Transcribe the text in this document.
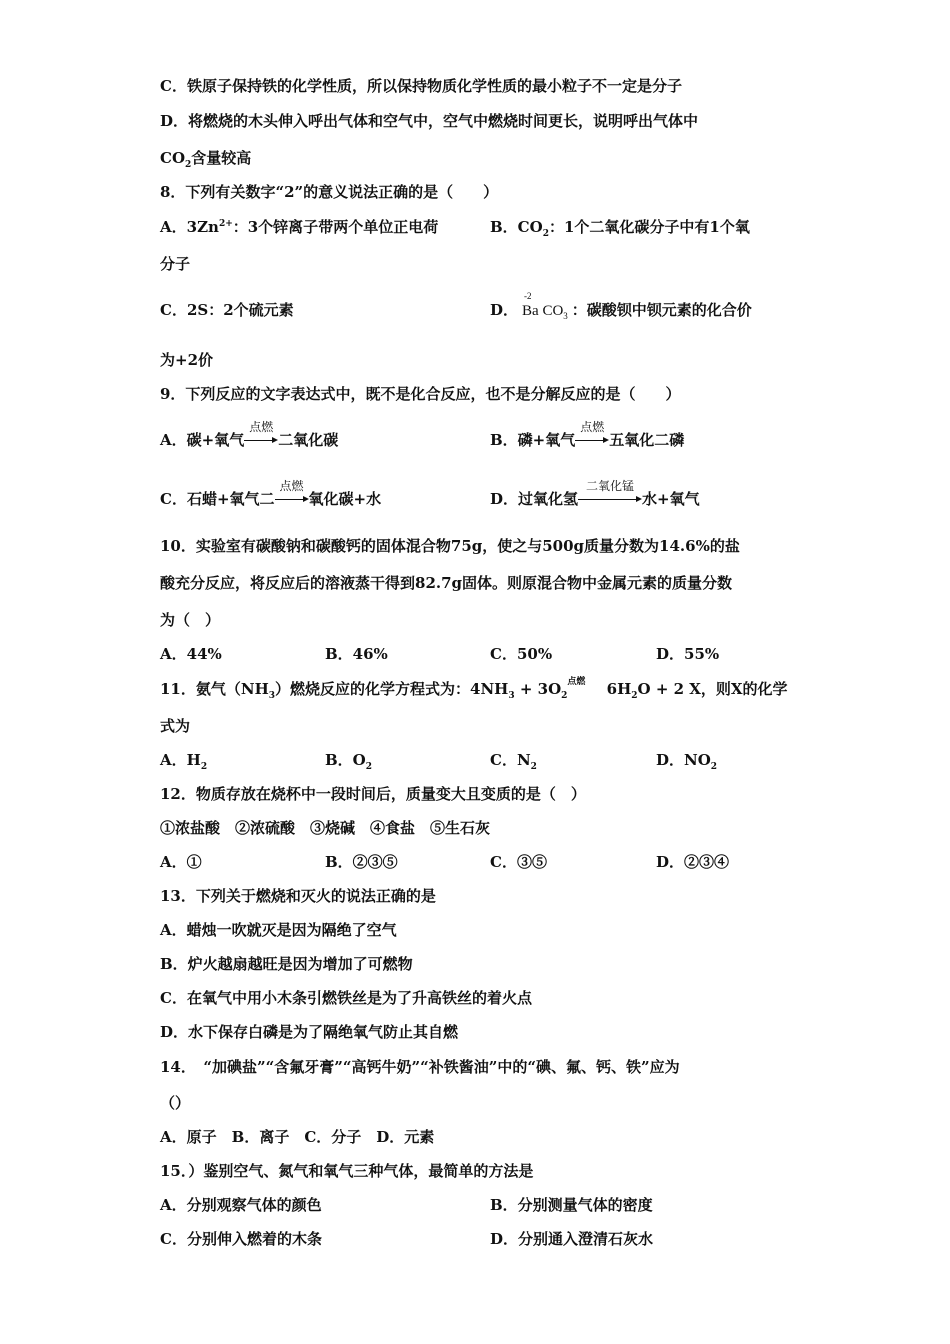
C．铁原子保持铁的化学性质，所以保持物质化学性质的最小粒子不一定是分子
D．将燃烧的木头伸入呼出气体和空气中，空气中燃烧时间更长，说明呼出气体中
$CO_2$含量较高
8．下列有关数字“2”的意义说法正确的是（　　）
A．$3Zn^{2+}$：3个锌离子带两个单位正电荷	B．$CO_2$：1个二氧化碳分子中有1个氧
分子
C．2S：2个硫元素	D．
-2
Ba $CO_3$ ：碳酸钡中钡元素的化合价
为+2价
9．下列反应的文字表达式中，既不是化合反应，也不是分解反应的是（　　）
A．碳+氧气
点燃
二氧化碳	B．磷+氧气
点燃
五氧化二磷
C．石蜡+氧气二
点燃
氧化碳+水	D．过氧化氢
二氧化锰
水+氧气
10．实验室有碳酸钠和碳酸钙的固体混合物75g，使之与500g质量分数为14.6%的盐
酸充分反应，将反应后的溶液蒸干得到82.7g固体。则原混合物中金属元素的质量分数
为（　）
A．44%	B．46%	C．50%	D．55%
11．氨气$(NH_3)$燃烧反应的化学方程式为：$4NH_3 + 3O_2$
点燃
   $6H_2O + 2$ X，则X的化学
式为
A．$H_2$	B．$O_2$	C．$N_2$	D．$NO_2$
12．物质存放在烧杯中一段时间后，质量变大且变质的是（　）
①浓盐酸　②浓硫酸　③烧碱　④食盐　⑤生石灰
A．①	B．②③⑤	C．③⑤	D．②③④
13．下列关于燃烧和灭火的说法正确的是
A．蜡烛一吹就灭是因为隔绝了空气
B．炉火越扇越旺是因为增加了可燃物
C．在氧气中用小木条引燃铁丝是为了升高铁丝的着火点
D．水下保存白磷是为了隔绝氧气防止其自燃
14．　“加碘盐”“含氟牙膏”“高钙牛奶”“补铁酱油”中的“碘、氟、钙、铁”应为
（）
A．原子　B．离子　C．分子　D．元素
15．）鉴别空气、氮气和氧气三种气体，最简单的方法是
A．分别观察气体的颜色	B．分别测量气体的密度
C．分别伸入燃着的木条	D．分别通入澄清石灰水
